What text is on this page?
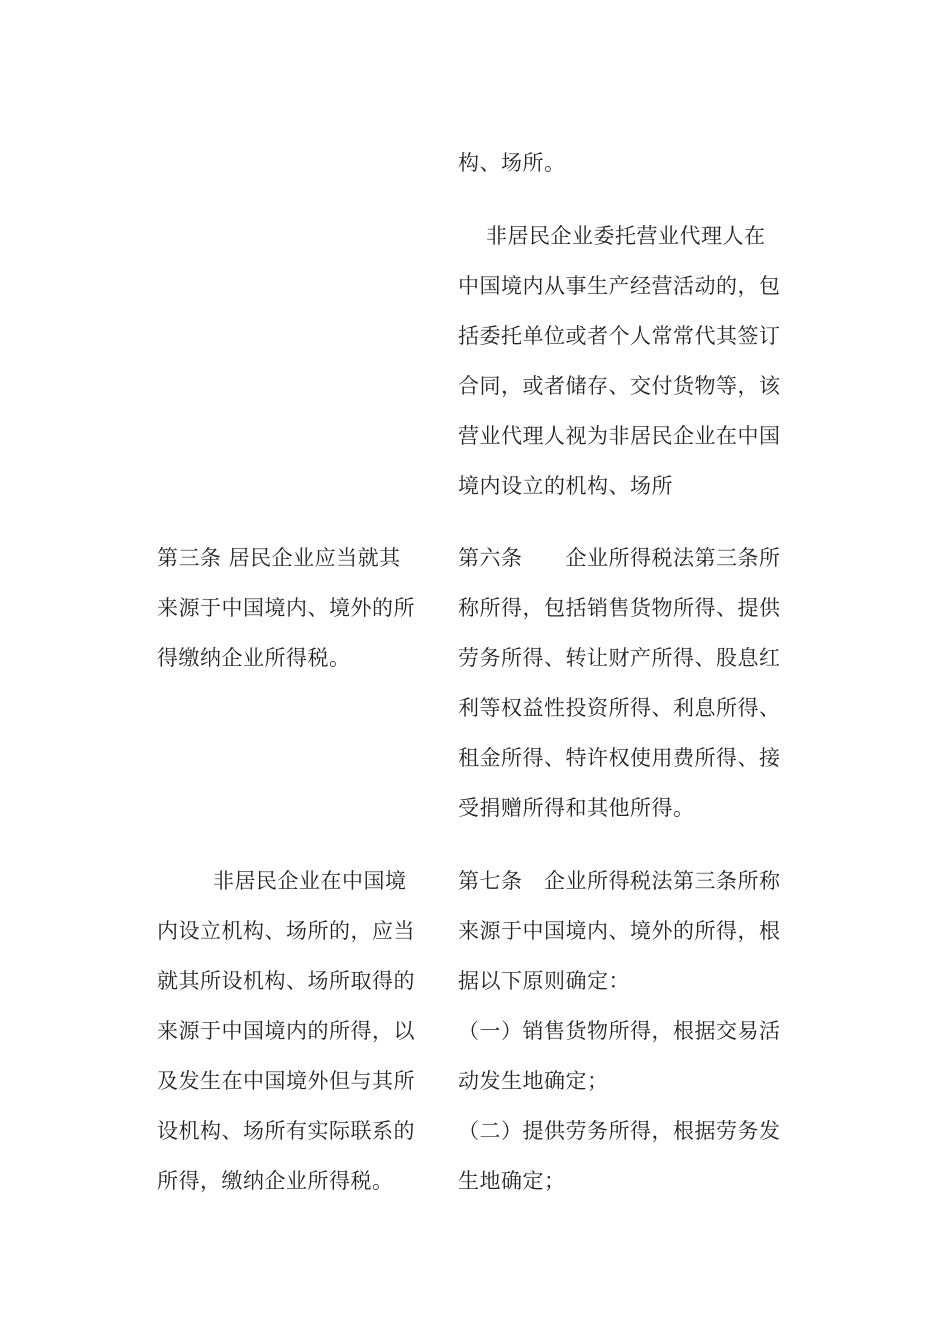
构、场所。
非居民企业委托营业代理人在
中国境内从事生产经营活动的，包
括委托单位或者个人常常代其签订
合同，或者储存、交付货物等，该
营业代理人视为非居民企业在中国
境内设立的机构、场所
第三条 居民企业应当就其
来源于中国境内、境外的所
得缴纳企业所得税。
第六条　　企业所得税法第三条所
称所得，包括销售货物所得、提供
劳务所得、转让财产所得、股息红
利等权益性投资所得、利息所得、
租金所得、特许权使用费所得、接
受捐赠所得和其他所得。
非居民企业在中国境
内设立机构、场所的，应当
就其所设机构、场所取得的
来源于中国境内的所得，以
及发生在中国境外但与其所
设机构、场所有实际联系的
所得，缴纳企业所得税。
第七条　企业所得税法第三条所称
来源于中国境内、境外的所得，根
据以下原则确定：
（一）销售货物所得，根据交易活
动发生地确定；
（二）提供劳务所得，根据劳务发
生地确定；
